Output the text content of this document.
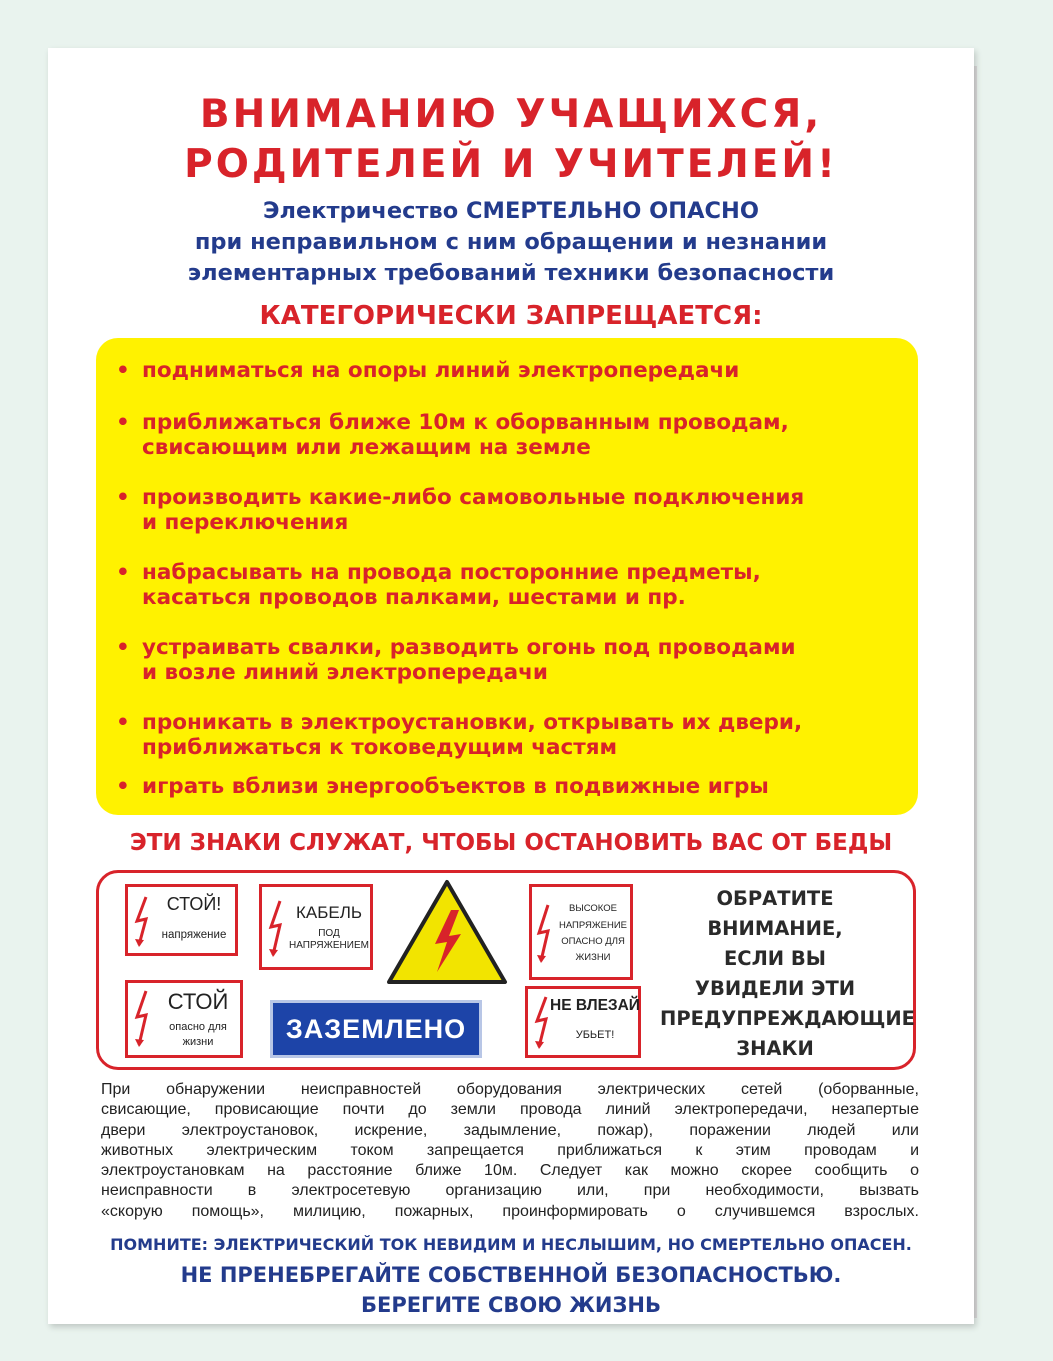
ВНИМАНИЮ УЧАЩИХСЯ,

РОДИТЕЛЕЙ И УЧИТЕЛЕЙ!

Электричество СМЕРТЕЛЬНО ОПАСНО

при неправильном с ним обращении и незнании

элементарных требований техники безопасности

КАТЕГОРИЧЕСКИ ЗАПРЕЩАЕТСЯ:

• подниматься на опоры линий электропередачи
• приближаться ближе 10м к оборванным проводам,
свисающим или лежащим на земле
• производить какие-либо самовольные подключения
и переключения
• набрасывать на провода посторонние предметы,
касаться проводов палками, шестами и пр.
• устраивать свалки, разводить огонь под проводами
и возле линий электропередачи
• проникать в электроустановки, открывать их двери,
приближаться к токоведущим частям
• играть вблизи энергообъектов в подвижные игры

ЭТИ ЗНАКИ СЛУЖАТ, ЧТОБЫ ОСТАНОВИТЬ ВАС ОТ БЕДЫ

СТОЙ!
напряжение
КАБЕЛЬ
ПОД
НАПРЯЖЕНИЕМ
ВЫСОКОЕ
НАПРЯЖЕНИЕ
ОПАСНО ДЛЯ
ЖИЗНИ
СТОЙ
опасно для
жизни	ЗАЗЕМЛЕНО
НЕ ВЛЕЗАЙ
УБЬЕТ!
ОБРАТИТЕ
ВНИМАНИЕ,
ЕСЛИ ВЫ
УВИДЕЛИ ЭТИ
ПРЕДУПРЕЖДАЮЩИЕ
ЗНАКИ
При обнаружении неисправностей оборудования электрических сетей (оборванные,
свисающие, провисающие почти до земли провода линий электропередачи, незапертые
двери электроустановок, искрение, задымление, пожар), поражении людей или
животных электрическим током запрещается приближаться к этим проводам и
электроустановкам на расстояние ближе 10м. Следует как можно скорее сообщить о
неисправности в электросетевую организацию или, при необходимости, вызвать
«скорую помощь», милицию, пожарных, проинформировать о случившемся взрослых.

ПОМНИТЕ: ЭЛЕКТРИЧЕСКИЙ ТОК НЕВИДИМ И НЕСЛЫШИМ, НО СМЕРТЕЛЬНО ОПАСЕН.

НЕ ПРЕНЕБРЕГАЙТЕ СОБСТВЕННОЙ БЕЗОПАСНОСТЬЮ.

БЕРЕГИТЕ СВОЮ ЖИЗНЬ
